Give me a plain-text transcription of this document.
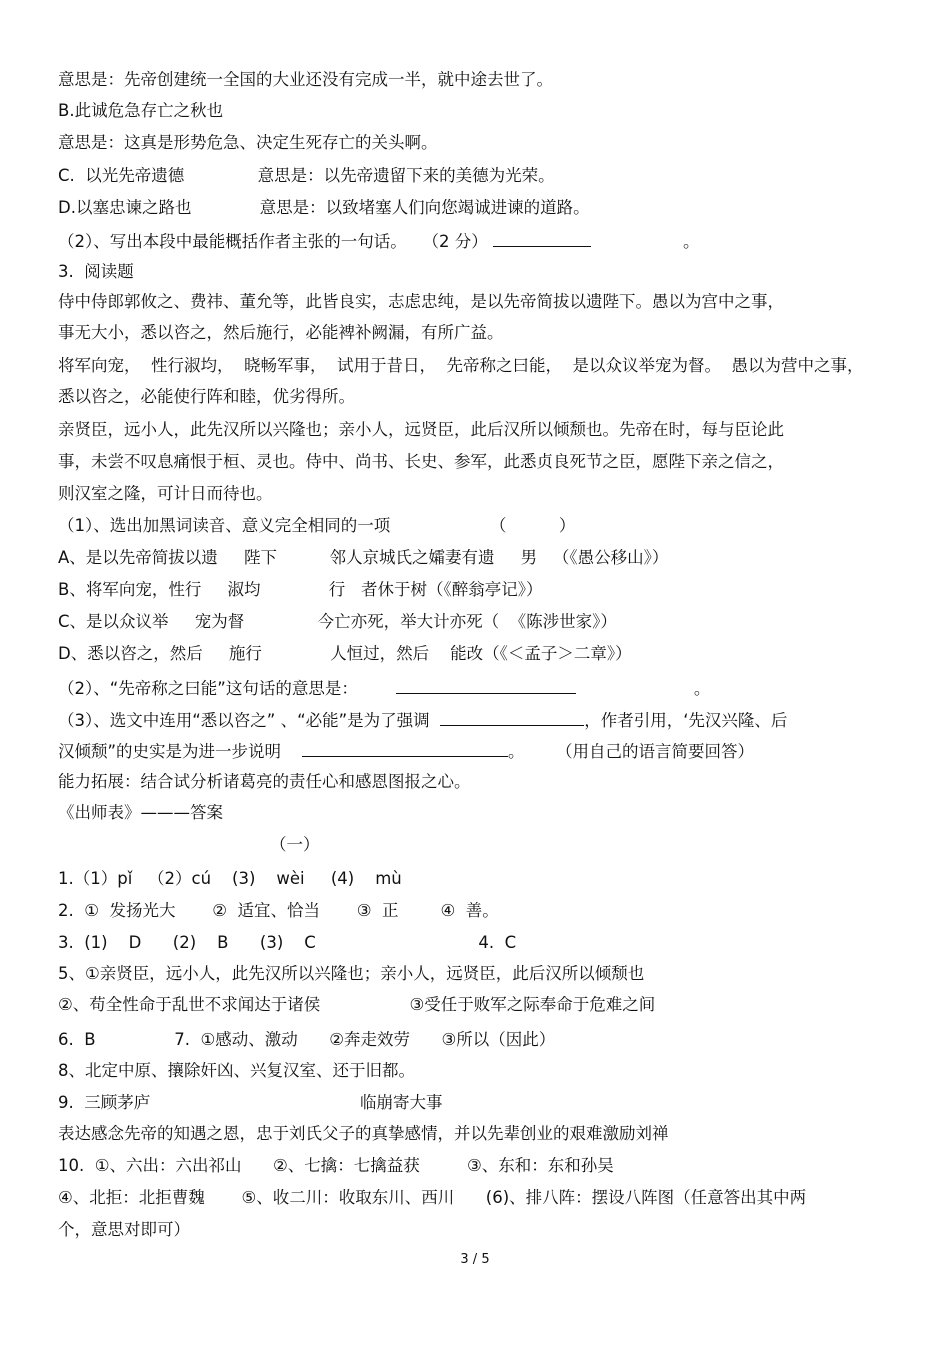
意思是：先帝创建统一全国的大业还没有完成一半，就中途去世了。
B.此诚危急存亡之秋也
意思是：这真是形势危急、决定生死存亡的关头啊。
C.  以光先帝遗德              意思是：以先帝遗留下来的美德为光荣。
D.以塞忠谏之路也             意思是：以致堵塞人们向您竭诚进谏的道路。
（2）、写出本段中最能概括作者主张的一句话。   （2 分）	。
3.  阅读题
侍中侍郎郭攸之、费祎、董允等，此皆良实，志虑忠纯，是以先帝简拔以遗陛下。愚以为宫中之事，
事无大小，悉以咨之，然后施行，必能裨补阙漏，有所广益。
将军向宠，  性行淑均，  晓畅军事，  试用于昔日，  先帝称之曰能，  是以众议举宠为督。  愚以为营中之事，
悉以咨之，必能使行阵和睦，优劣得所。
亲贤臣，远小人，此先汉所以兴隆也；亲小人，远贤臣，此后汉所以倾颓也。先帝在时，每与臣论此
事，未尝不叹息痛恨于桓、灵也。侍中、尚书、长史、参军，此悉贞良死节之臣，愿陛下亲之信之，
则汉室之隆，可计日而待也。
（1）、选出加黑词读音、意义完全相同的一项                   （          ）
A、是以先帝简拔以遗     陛下          邻人京城氏之孀妻有遗     男   （《愚公移山》）
B、将军向宠，性行     淑均             行   者休于树（《醉翁亭记》）
C、是以众议举     宠为督              今亡亦死，举大计亦死（  《陈涉世家》）
D、悉以咨之，然后     施行             人恒过，然后    能改（《＜孟子＞二章》）
（2）、“先帝称之曰能”这句话的意思是：	。
（3）、选文中连用“悉以咨之” 、“必能”是为了强调	，作者引用，‘先汉兴隆、后
汉倾颓”的史实是为进一步说明	。      （用自己的语言简要回答）
能力拓展：结合试分析诸葛亮的责任心和感恩图报之心。
《出师表》———答案
（一）
1.（1）pǐ   （2）cú    (3)    wèi     (4)    mù
2.  ①  发扬光大       ②  适宜、恰当       ③  正        ④  善。
3.  (1)    D      (2)    B      (3)    C                               4.  C
5、①亲贤臣，远小人，此先汉所以兴隆也；亲小人，远贤臣，此后汉所以倾颓也
②、苟全性命于乱世不求闻达于诸侯                 ③受任于败军之际奉命于危难之间
6.  B               7.  ①感动、激动      ②奔走效劳      ③所以（因此）
8、北定中原、攘除奸凶、兴复汉室、还于旧都。
9.  三顾茅庐                                        临崩寄大事
表达感念先帝的知遇之恩，忠于刘氏父子的真挚感情，并以先辈创业的艰难激励刘禅
10.  ①、六出：六出祁山      ②、七擒：七擒益获         ③、东和：东和孙吴
④、北拒：北拒曹魏       ⑤、收二川：收取东川、西川      (6)、排八阵：摆设八阵图（任意答出其中两
个，意思对即可）
3 / 5
